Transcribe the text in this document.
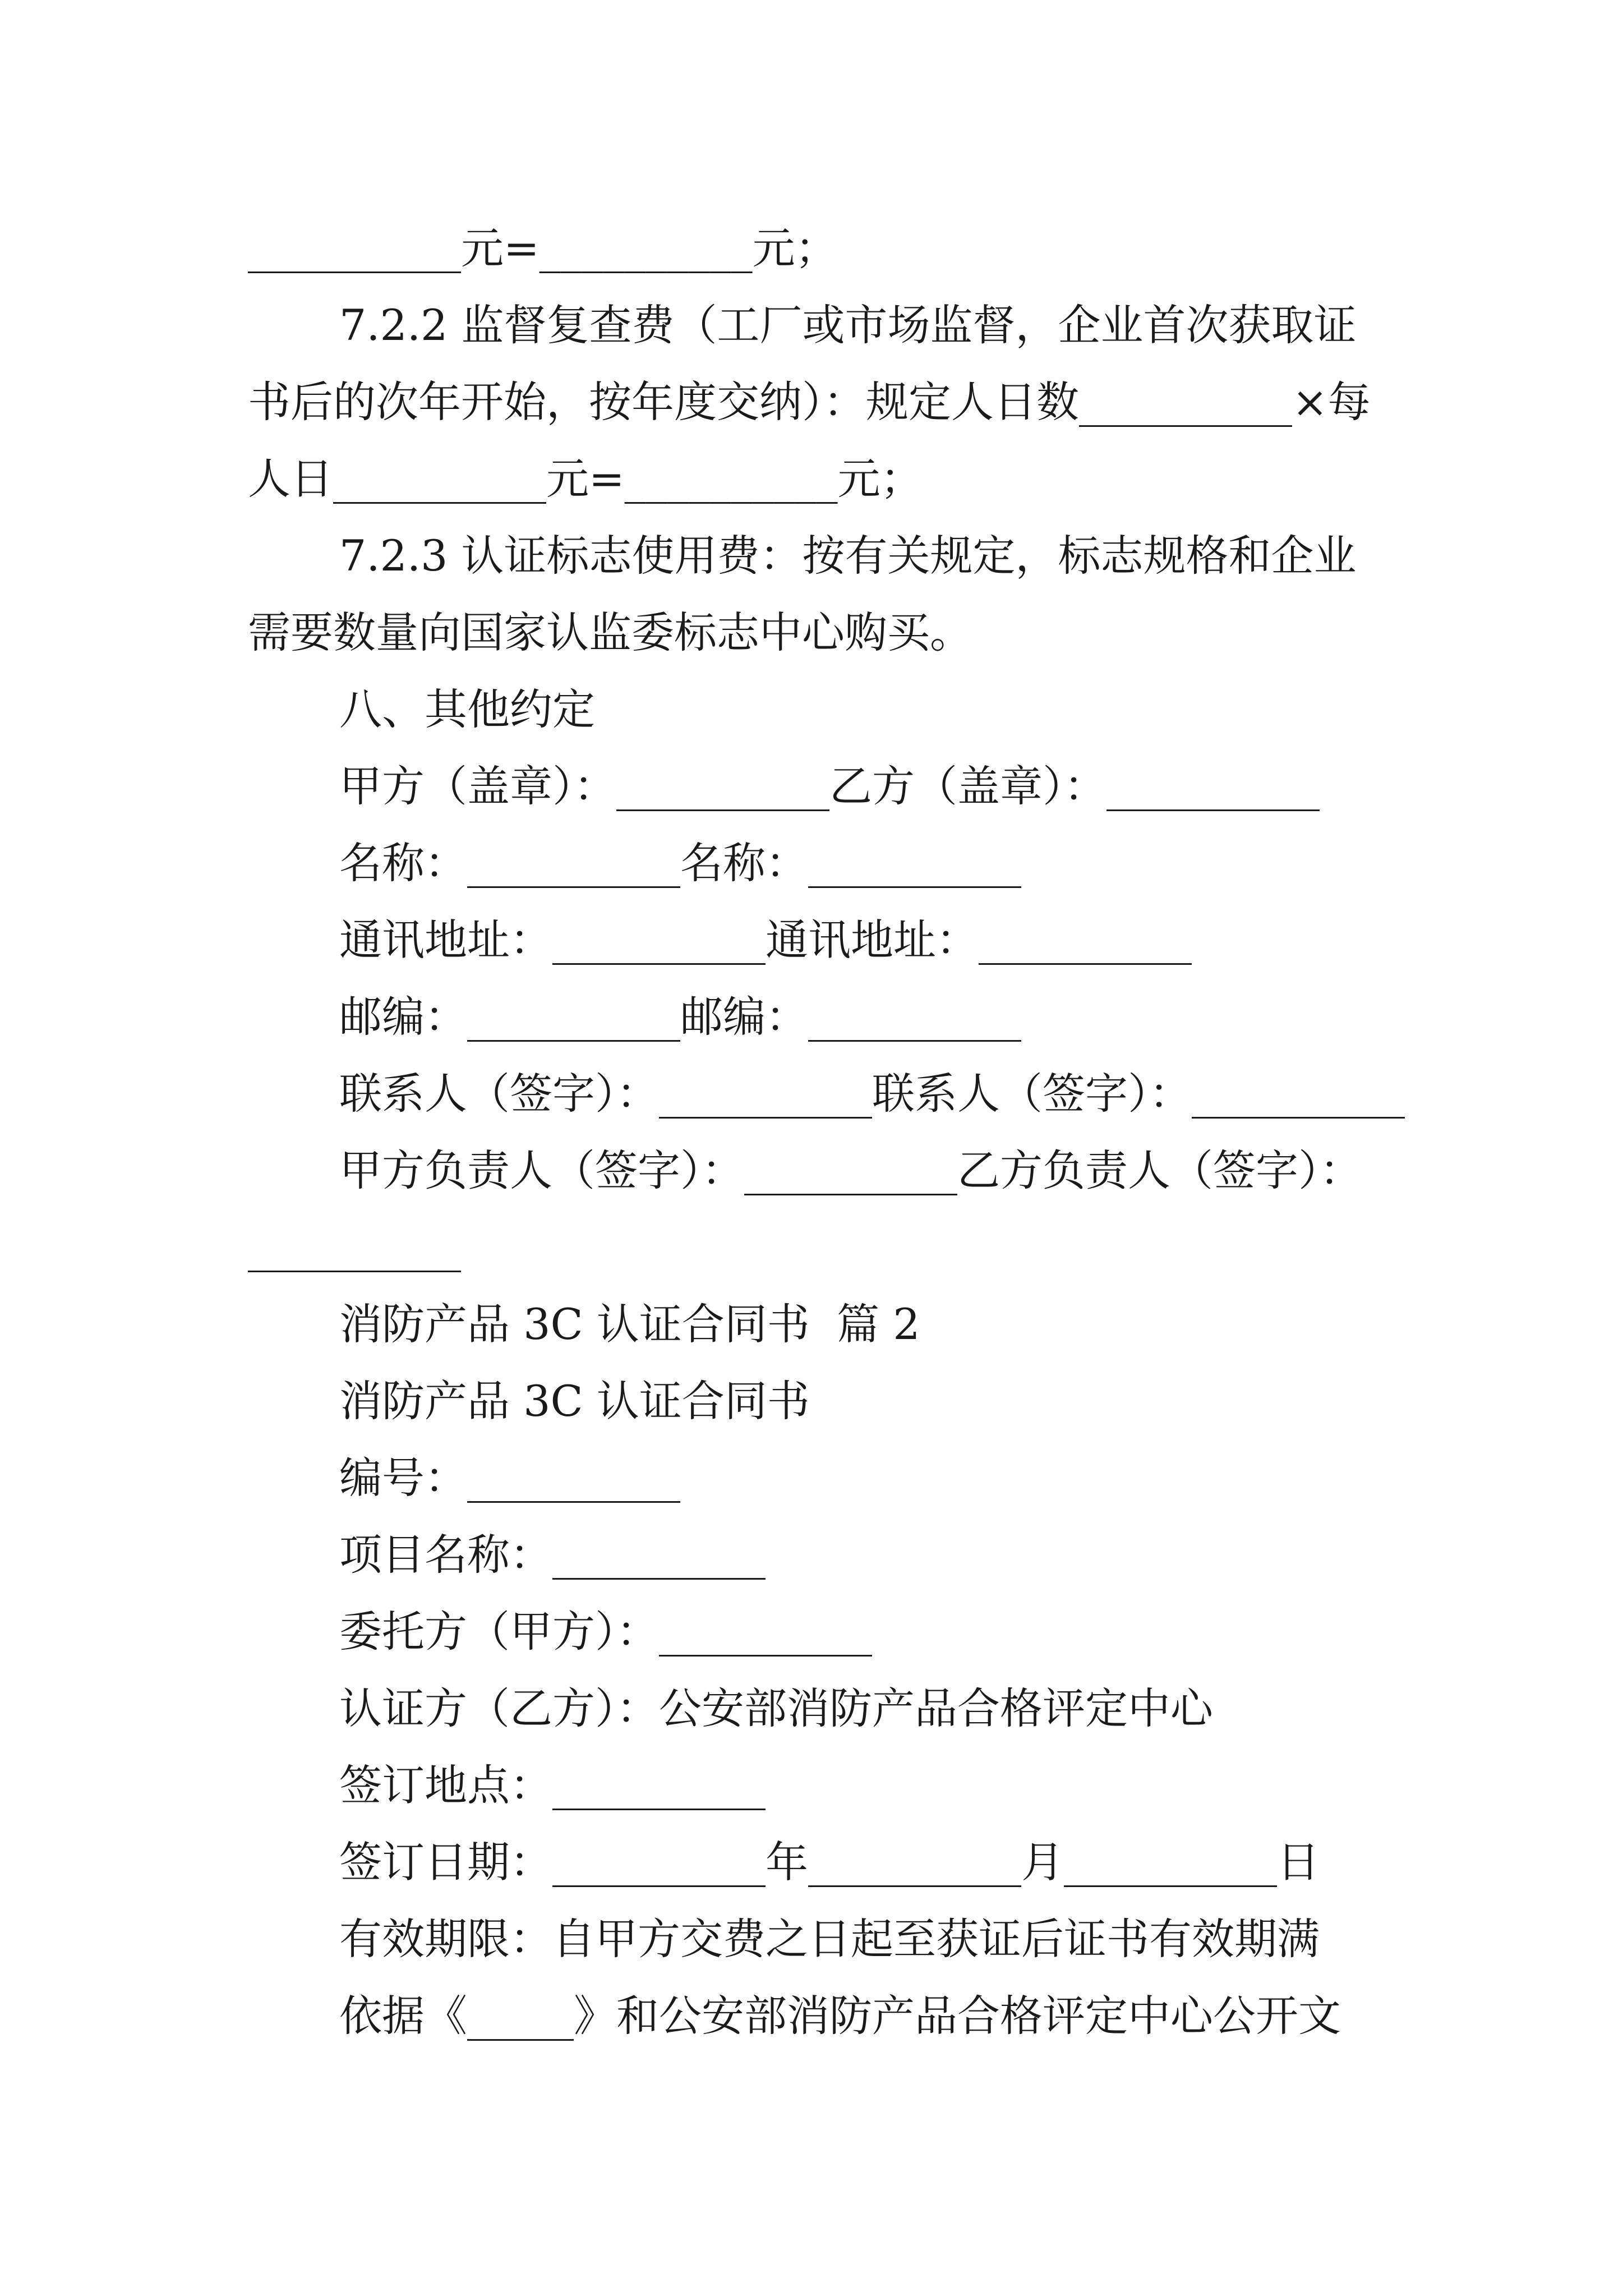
__________元=__________元；
7.2.2 监督复查费（工厂或市场监督，企业首次获取证
书后的次年开始，按年度交纳）：规定人日数__________×每
人日__________元=__________元；
7.2.3 认证标志使用费：按有关规定，标志规格和企业
需要数量向国家认监委标志中心购买。
八、其他约定
甲方（盖章）：__________乙方（盖章）：__________
名称：__________名称：__________
通讯地址：__________通讯地址：__________
邮编：__________邮编：__________
联系人（签字）：__________联系人（签字）：__________
甲方负责人（签字）：__________乙方负责人（签字）：
__________
消防产品 3C 认证合同书  篇 2
消防产品 3C 认证合同书
编号：__________
项目名称：__________
委托方（甲方）：__________
认证方（乙方）：公安部消防产品合格评定中心
签订地点：__________
签订日期：__________年__________月__________日
有效期限：自甲方交费之日起至获证后证书有效期满
依据《_____》和公安部消防产品合格评定中心公开文
